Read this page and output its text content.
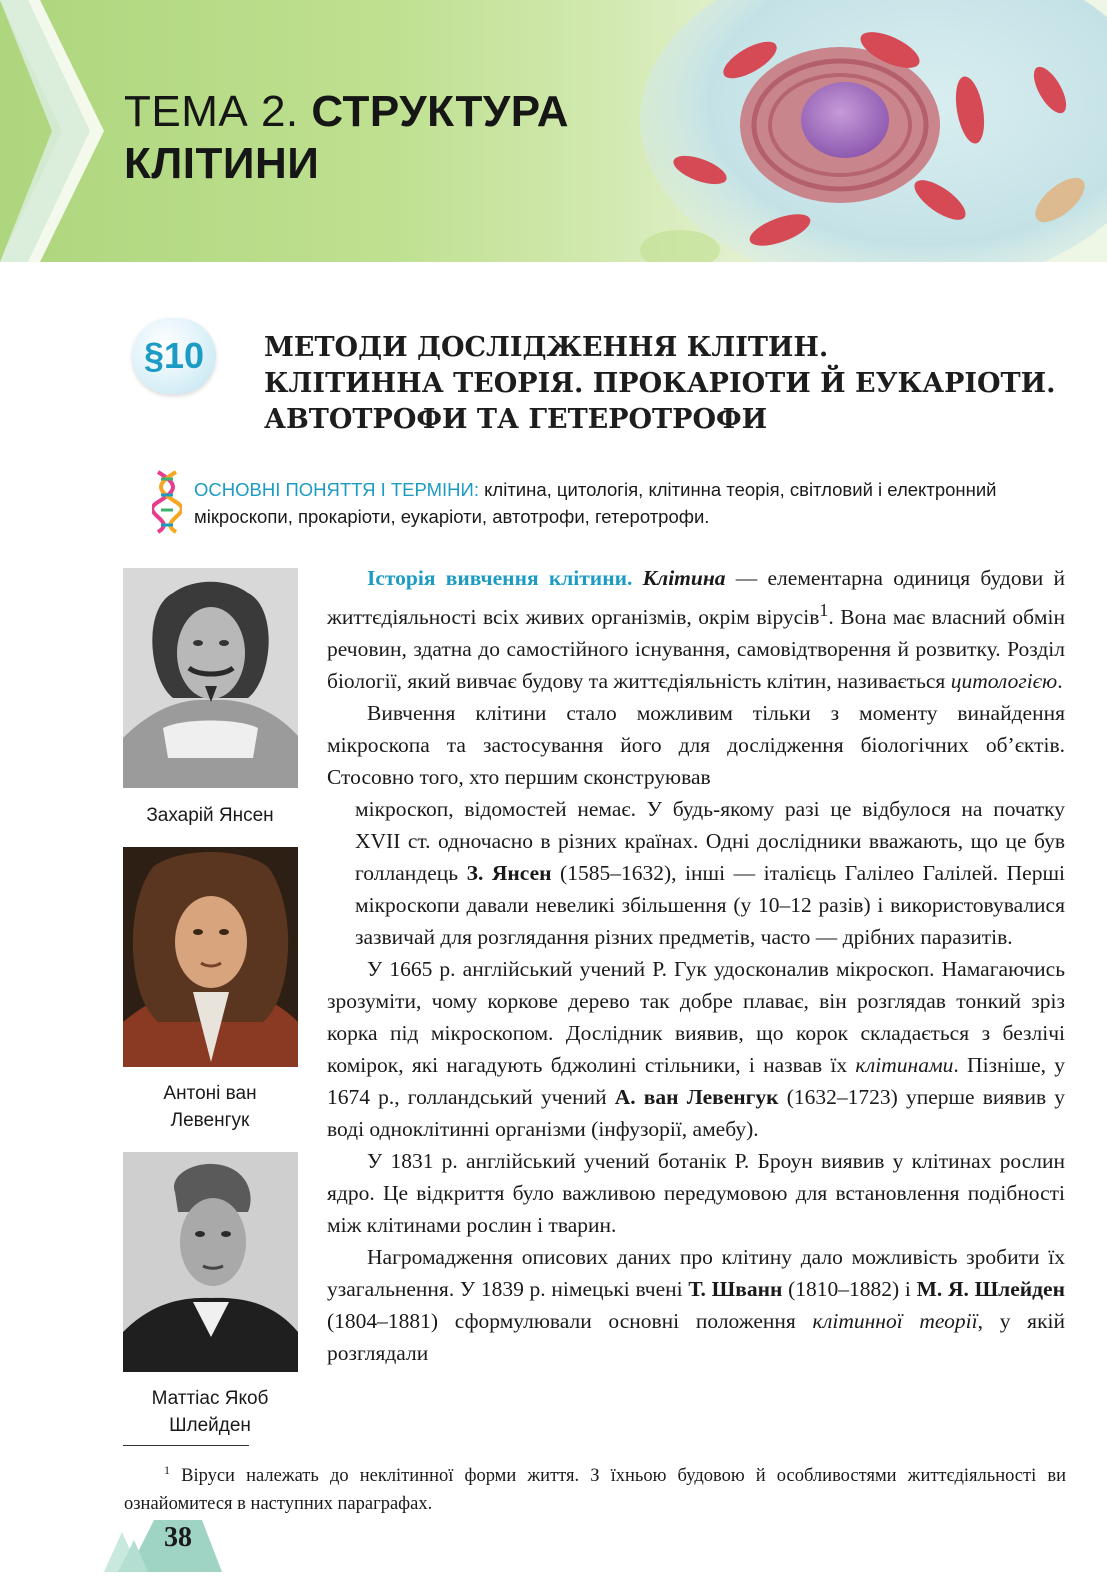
ТЕМА 2. СТРУКТУРА
КЛІТИНИ
§10	МЕТОДИ ДОСЛІДЖЕННЯ КЛІТИН.
КЛІТИННА ТЕОРІЯ. ПРОКАРІОТИ Й ЕУКАРІОТИ.
АВТОТРОФИ ТА ГЕТЕРОТРОФИ
ОСНОВНІ ПОНЯТТЯ І ТЕРМІНИ: клітина, цитологія, клітинна теорія, світловий і електронний мікроскопи, прокаріоти, еукаріоти, автотрофи, гетеротрофи.
Захарій Янсен
Антоні ван
Левенгук
Маттіас Якоб
Шлейден

Історія вивчення клітини. Клітина — елементарна одиниця будови й життєдіяльності всіх живих організмів, окрім вірусів$^1$. Вона має власний обмін речовин, здатна до самостійного існування, самовідтворення й розвитку. Розділ біології, який вивчає будову та життєдіяльність клітин, називається цитологією.

Вивчення клітини стало можливим тільки з моменту винайдення мікроскопа та застосування його для дослідження біологічних об’єктів. Стосовно того, хто першим сконструював

мікроскоп, відомостей немає. У будь-якому разі це відбулося на початку XVII ст. одночасно в різних країнах. Одні дослідники вважають, що це був голландець З. Янсен (1585–1632), інші — італієць Галілео Галілей. Перші мікроскопи давали невеликі збільшення (у 10–12 разів) і використовувалися зазвичай для розглядання різних предметів, часто — дрібних паразитів.

У 1665 р. англійський учений Р. Гук удосконалив мікроскоп. Намагаючись зрозуміти, чому коркове дерево так добре плаває, він розглядав тонкий зріз корка під мікроскопом. Дослідник виявив, що корок складається з безлічі комірок, які нагадують бджолині стільники, і назвав їх клітинами. Пізніше, у 1674 р., голландський учений А. ван Левенгук (1632–1723) уперше виявив у воді одноклітинні організми (інфузорії, амебу).

У 1831 р. англійський учений ботанік Р. Броун виявив у клітинах рослин ядро. Це відкриття було важливою передумовою для встановлення подібності між клітинами рослин і тварин.

Нагромадження описових даних про клітину дало можливість зробити їх узагальнення. У 1839 р. німецькі вчені Т. Шванн (1810–1882) і М. Я. Шлейден (1804–1881) сформулювали основні положення клітинної теорії, у якій розглядали

$^1$ Віруси належать до неклітинної форми життя. З їхньою будовою й особливостями життєдіяльності ви ознайомитеся в наступних параграфах.
38
